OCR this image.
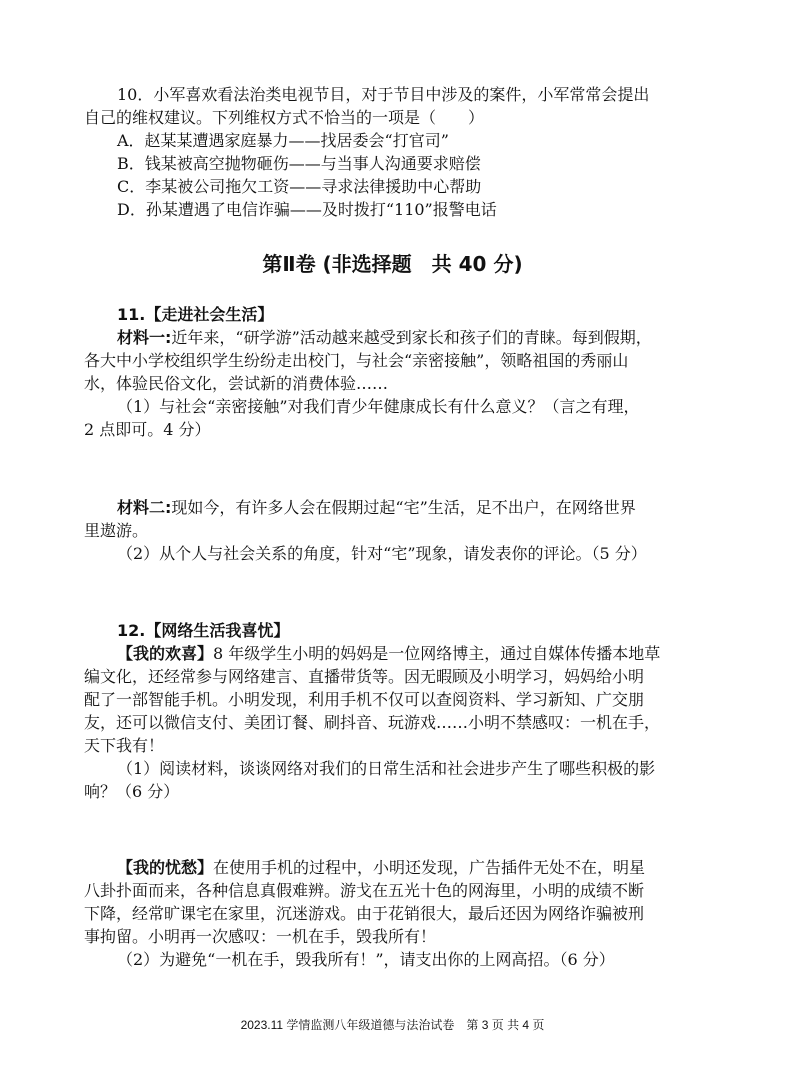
10．小军喜欢看法治类电视节目，对于节目中涉及的案件，小军常常会提出
自己的维权建议。下列维权方式不恰当的一项是（　　）
A．赵某某遭遇家庭暴力——找居委会“打官司”
B．钱某被高空抛物砸伤——与当事人沟通要求赔偿
C．李某被公司拖欠工资——寻求法律援助中心帮助
D．孙某遭遇了电信诈骗——及时拨打“110”报警电话
第Ⅱ卷 (非选择题　共 40 分)
11.【走进社会生活】
材料一:近年来，“研学游”活动越来越受到家长和孩子们的青睐。每到假期，
各大中小学校组织学生纷纷走出校门，与社会“亲密接触”，领略祖国的秀丽山
水，体验民俗文化，尝试新的消费体验……
（1）与社会“亲密接触”对我们青少年健康成长有什么意义？（言之有理，
2 点即可。4 分）
材料二:现如今，有许多人会在假期过起“宅”生活，足不出户，在网络世界
里遨游。
（2）从个人与社会关系的角度，针对“宅”现象，请发表你的评论。（5 分）
12.【网络生活我喜忧】
【我的欢喜】8 年级学生小明的妈妈是一位网络博主，通过自媒体传播本地草
编文化，还经常参与网络建言、直播带货等。因无暇顾及小明学习，妈妈给小明
配了一部智能手机。小明发现，利用手机不仅可以查阅资料、学习新知、广交朋
友，还可以微信支付、美团订餐、刷抖音、玩游戏……小明不禁感叹：一机在手，
天下我有！
（1）阅读材料，谈谈网络对我们的日常生活和社会进步产生了哪些积极的影
响？（6 分）
【我的忧愁】在使用手机的过程中，小明还发现，广告插件无处不在，明星
八卦扑面而来，各种信息真假难辨。游戈在五光十色的网海里，小明的成绩不断
下降，经常旷课宅在家里，沉迷游戏。由于花销很大，最后还因为网络诈骗被刑
事拘留。小明再一次感叹：一机在手，毁我所有！
（2）为避免“一机在手，毁我所有！”，请支出你的上网高招。（6 分）
2023.11 学情监测八年级道德与法治试卷　第 3 页 共 4 页
